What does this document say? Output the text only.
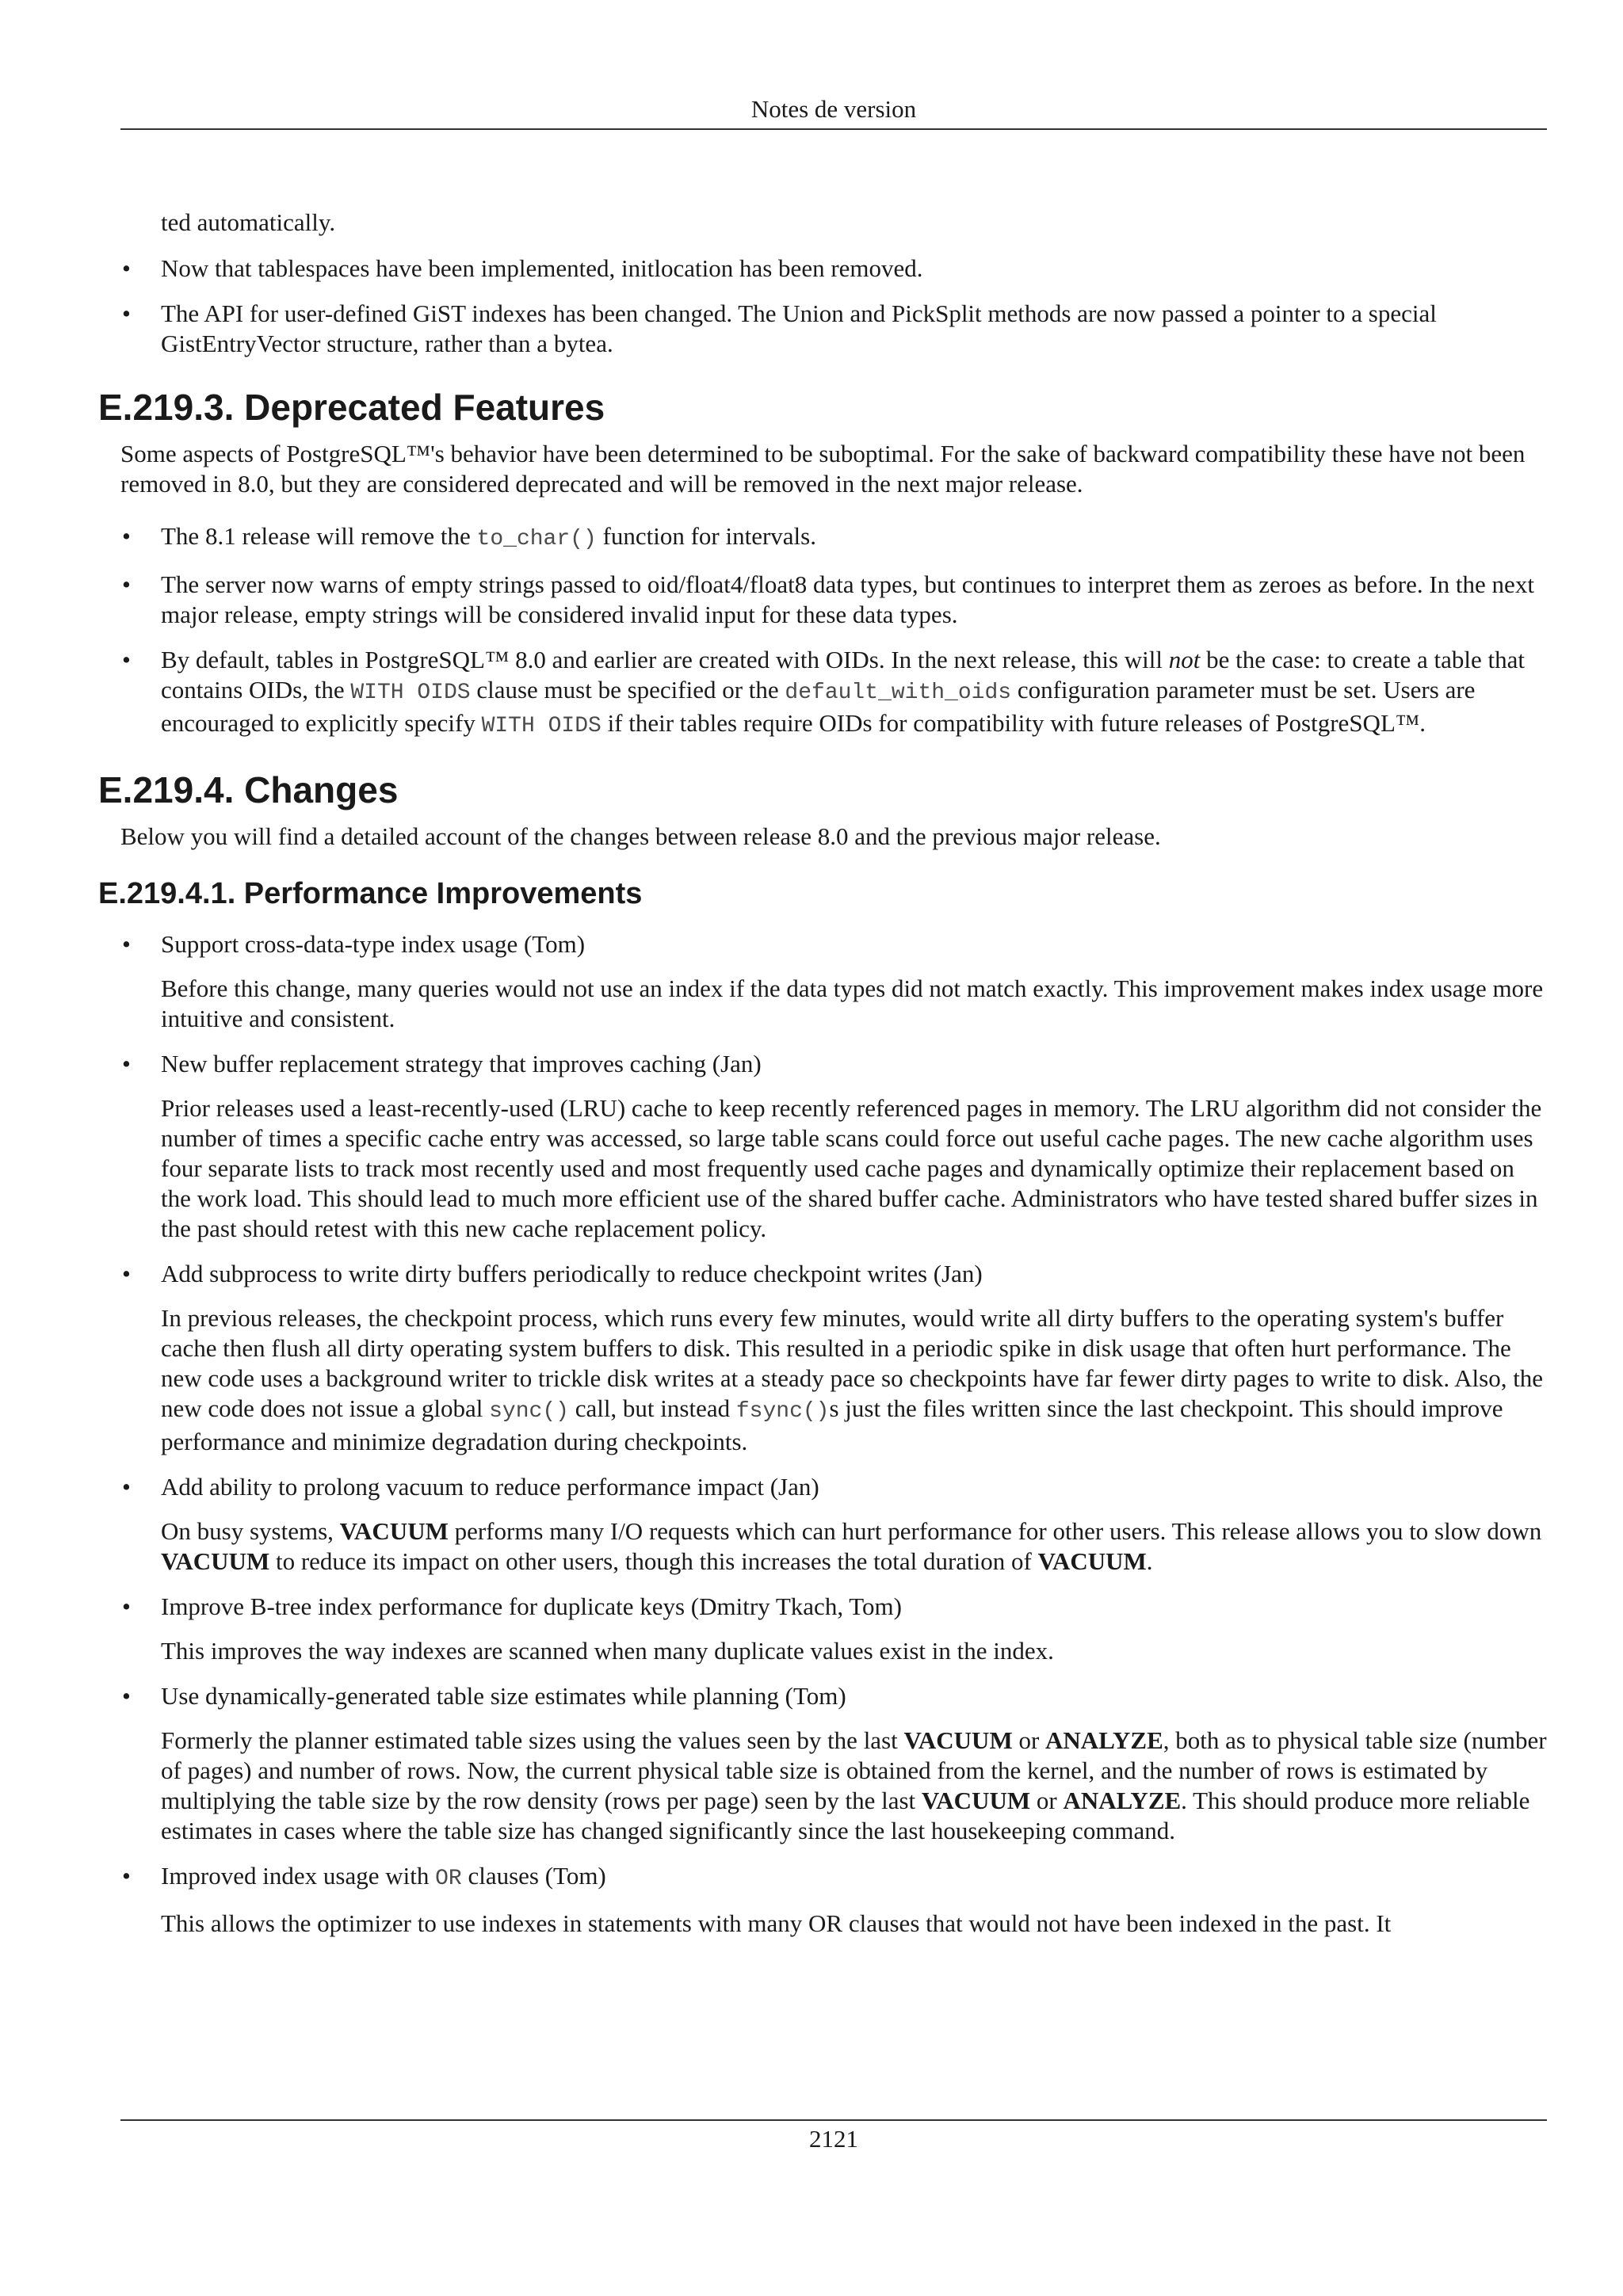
Notes de version

ted automatically.

• Now that tablespaces have been implemented, initlocation has been removed.
• The API for user-defined GiST indexes has been changed. The Union and PickSplit methods are now passed a pointer to a special GistEntryVector structure, rather than a bytea.
E.219.3. Deprecated Features

Some aspects of PostgreSQL™'s behavior have been determined to be suboptimal. For the sake of backward compatibility these have not been removed in 8.0, but they are considered deprecated and will be removed in the next major release.

• The 8.1 release will remove the to_char() function for intervals.
• The server now warns of empty strings passed to oid/float4/float8 data types, but continues to interpret them as zeroes as before. In the next major release, empty strings will be considered invalid input for these data types.
• By default, tables in PostgreSQL™ 8.0 and earlier are created with OIDs. In the next release, this will not be the case: to create a table that contains OIDs, the WITH OIDS clause must be specified or the default_with_oids configuration parameter must be set. Users are encouraged to explicitly specify WITH OIDS if their tables require OIDs for compatibility with future releases of PostgreSQL™.
E.219.4. Changes

Below you will find a detailed account of the changes between release 8.0 and the previous major release.

E.219.4.1. Performance Improvements
• Support cross-data-type index usage (Tom)
Before this change, many queries would not use an index if the data types did not match exactly. This improvement makes index usage more intuitive and consistent.
• New buffer replacement strategy that improves caching (Jan)
Prior releases used a least-recently-used (LRU) cache to keep recently referenced pages in memory. The LRU algorithm did not consider the number of times a specific cache entry was accessed, so large table scans could force out useful cache pages. The new cache algorithm uses four separate lists to track most recently used and most frequently used cache pages and dynamically optimize their replacement based on the work load. This should lead to much more efficient use of the shared buffer cache. Administrators who have tested shared buffer sizes in the past should retest with this new cache replacement policy.
• Add subprocess to write dirty buffers periodically to reduce checkpoint writes (Jan)
In previous releases, the checkpoint process, which runs every few minutes, would write all dirty buffers to the operating system's buffer cache then flush all dirty operating system buffers to disk. This resulted in a periodic spike in disk usage that often hurt performance. The new code uses a background writer to trickle disk writes at a steady pace so checkpoints have far fewer dirty pages to write to disk. Also, the new code does not issue a global sync() call, but instead fsync()s just the files written since the last checkpoint. This should improve performance and minimize degradation during checkpoints.
• Add ability to prolong vacuum to reduce performance impact (Jan)
On busy systems, VACUUM performs many I/O requests which can hurt performance for other users. This release allows you to slow down VACUUM to reduce its impact on other users, though this increases the total duration of VACUUM.
• Improve B-tree index performance for duplicate keys (Dmitry Tkach, Tom)
This improves the way indexes are scanned when many duplicate values exist in the index.
• Use dynamically-generated table size estimates while planning (Tom)
Formerly the planner estimated table sizes using the values seen by the last VACUUM or ANALYZE, both as to physical table size (number of pages) and number of rows. Now, the current physical table size is obtained from the kernel, and the number of rows is estimated by multiplying the table size by the row density (rows per page) seen by the last VACUUM or ANALYZE. This should produce more reliable estimates in cases where the table size has changed significantly since the last housekeeping command.
• Improved index usage with OR clauses (Tom)
This allows the optimizer to use indexes in statements with many OR clauses that would not have been indexed in the past. It
2121
